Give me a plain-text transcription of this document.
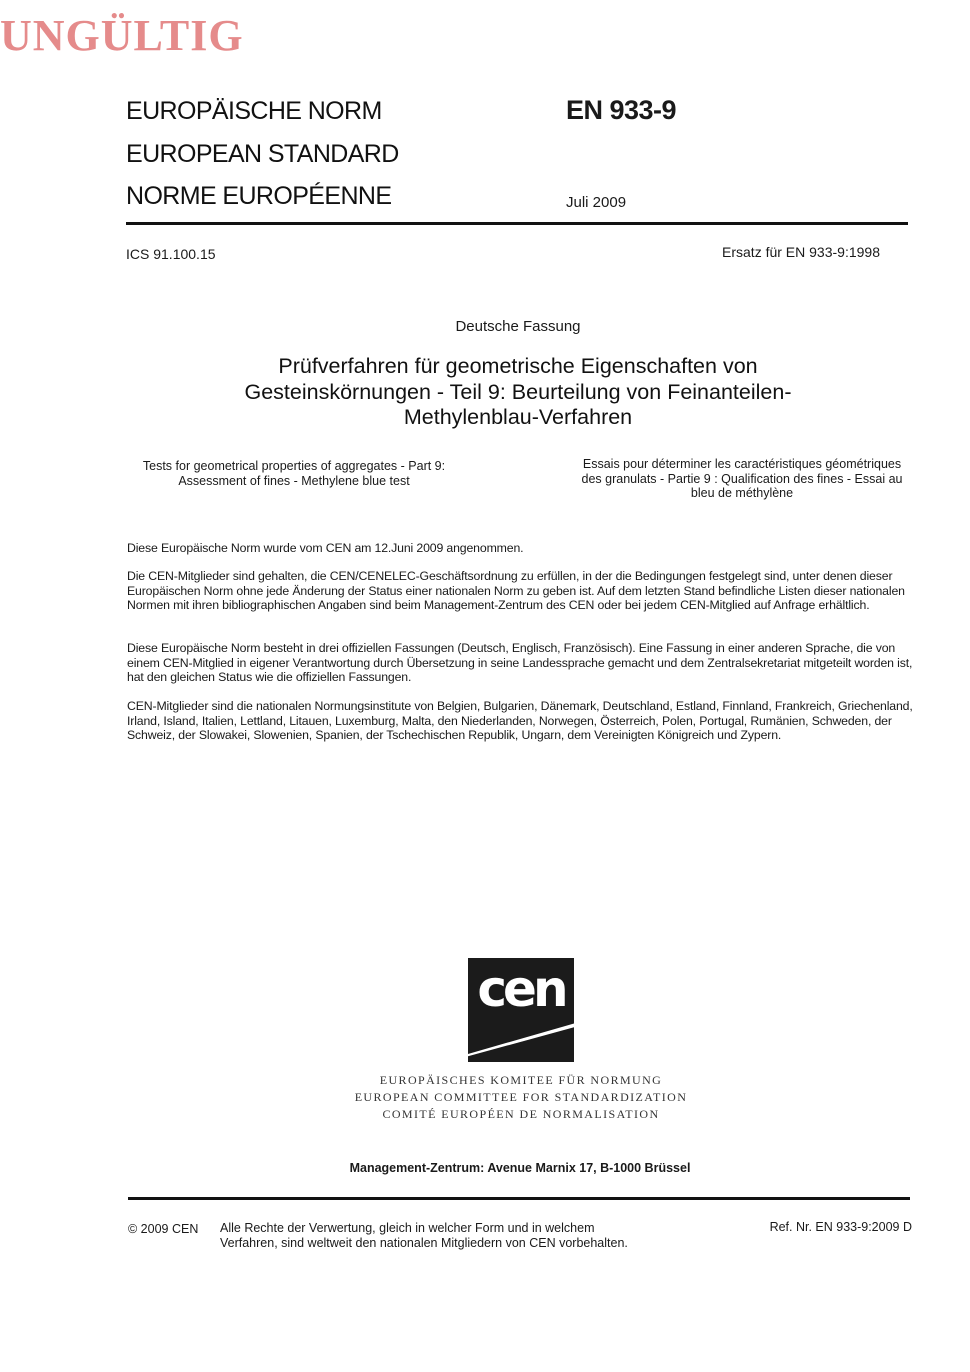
UNGÜLTIG
EUROPÄISCHE NORM
EUROPEAN STANDARD
NORME EUROPÉENNE
EN 933-9
Juli 2009
ICS 91.100.15	Ersatz für EN 933-9:1998
Deutsche Fassung
Prüfverfahren für geometrische Eigenschaften von
Gesteinskörnungen - Teil 9: Beurteilung von Feinanteilen-
Methylenblau-Verfahren
Tests for geometrical properties of aggregates - Part 9:
Assessment of fines - Methylene blue test
Essais pour déterminer les caractéristiques géométriques
des granulats - Partie 9 : Qualification des fines - Essai au
bleu de méthylène
Diese Europäische Norm wurde vom CEN am 12.Juni 2009 angenommen.
Die CEN-Mitglieder sind gehalten, die CEN/CENELEC-Geschäftsordnung zu erfüllen, in der die Bedingungen festgelegt sind, unter denen dieser Europäischen Norm ohne jede Änderung der Status einer nationalen Norm zu geben ist. Auf dem letzten Stand befindliche Listen dieser nationalen Normen mit ihren bibliographischen Angaben sind beim Management-Zentrum des CEN oder bei jedem CEN-Mitglied auf Anfrage erhältlich.
Diese Europäische Norm besteht in drei offiziellen Fassungen (Deutsch, Englisch, Französisch). Eine Fassung in einer anderen Sprache, die von einem CEN-Mitglied in eigener Verantwortung durch Übersetzung in seine Landessprache gemacht und dem Zentralsekretariat mitgeteilt worden ist, hat den gleichen Status wie die offiziellen Fassungen.
CEN-Mitglieder sind die nationalen Normungsinstitute von Belgien, Bulgarien, Dänemark, Deutschland, Estland, Finnland, Frankreich, Griechenland, Irland, Island, Italien, Lettland, Litauen, Luxemburg, Malta, den Niederlanden, Norwegen, Österreich, Polen, Portugal, Rumänien, Schweden, der Schweiz, der Slowakei, Slowenien, Spanien, der Tschechischen Republik, Ungarn, dem Vereinigten Königreich und Zypern.
cen
EUROPÄISCHES KOMITEE FÜR NORMUNG
EUROPEAN COMMITTEE FOR STANDARDIZATION
COMITÉ EUROPÉEN DE NORMALISATION
Management-Zentrum: Avenue Marnix 17, B-1000 Brüssel
© 2009 CEN Alle Rechte der Verwertung, gleich in welcher Form und in welchem
Verfahren, sind weltweit den nationalen Mitgliedern von CEN vorbehalten.
Ref. Nr. EN 933-9:2009 D
